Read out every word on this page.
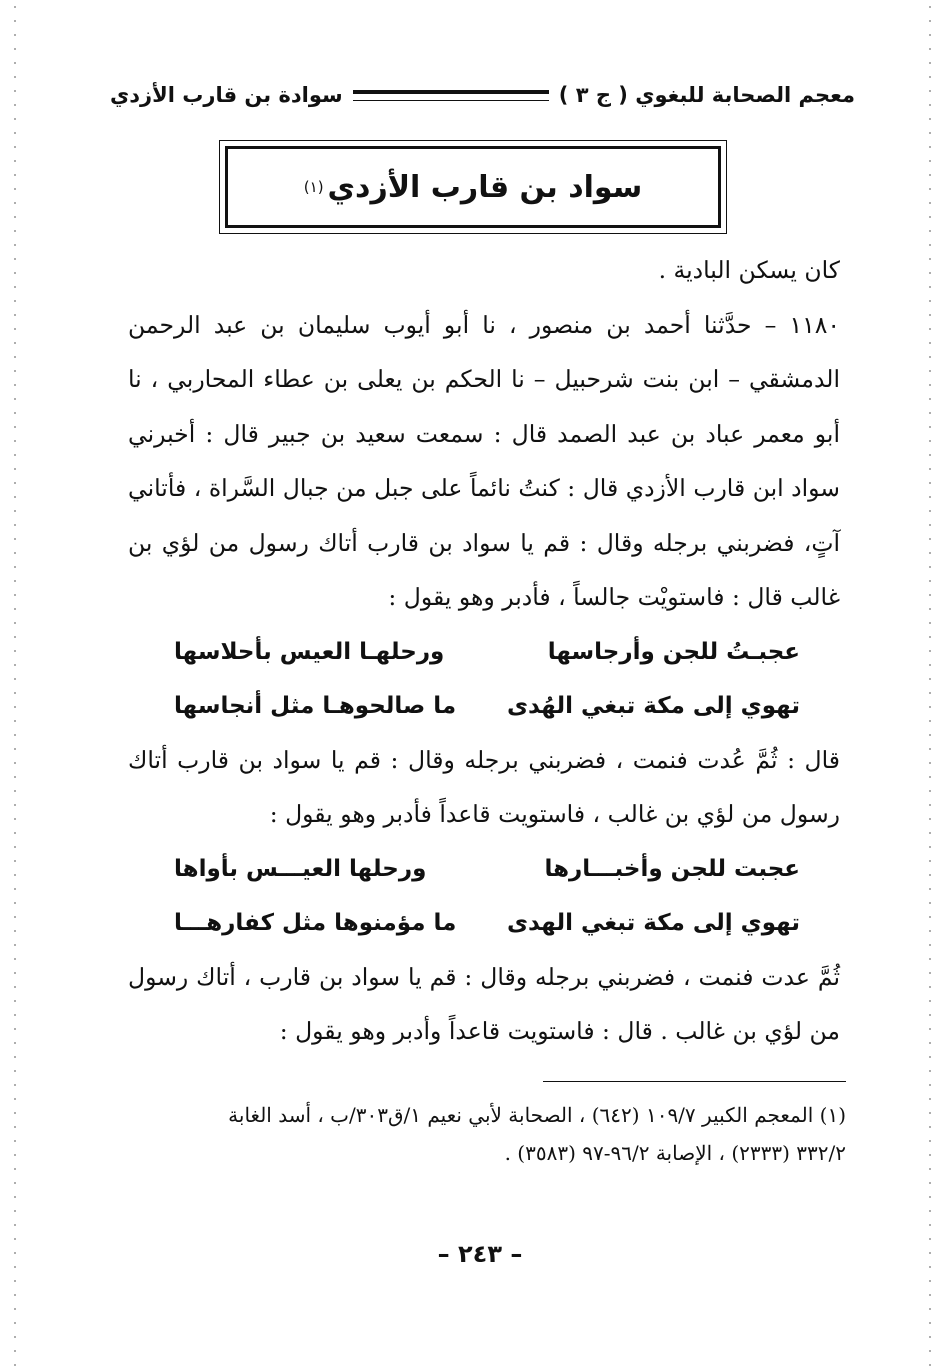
معجم الصحابة للبغوي ( ج ٣ )
سوادة بن قارب الأزدي
سواد بن قارب الأزدي
(١)

كان يسكن البادية .

١١٨٠ – حدَّثنا أحمد بن منصور ، نا أبو أيوب سليمان بن عبد الرحمن الدمشقي – ابن بنت شرحبيل – نا الحكم بن يعلى بن عطاء المحاربي ، نا أبو معمر عباد بن عبد الصمد قال : سمعت سعيد بن جبير قال : أخبرني سواد ابن قارب الأزدي قال : كنتُ نائماً على جبل من جبال السَّراة ، فأتاني آتٍ، فضربني برجله وقال : قم يا سواد بن قارب أتاك رسول من لؤي بن غالب قال : فاستويْت جالساً ، فأدبر وهو يقول :

عجبـتُ للجن وأرجاسها
ورحلهـا العيس بأحلاسها
تهوي إلى مكة تبغي الهُدى
ما صالحوهـا مثل أنجاسها

قال : ثُمَّ عُدت فنمت ، فضربني برجله وقال : قم يا سواد بن قارب أتاك رسول من لؤي بن غالب ، فاستويت قاعداً فأدبر وهو يقول :

عجبت للجن وأخبـــارها
ورحلها العيـــس بأواها
تهوي إلى مكة تبغي الهدى
ما مؤمنوها مثل كفارهـــا

ثُمَّ عدت فنمت ، فضربني برجله وقال : قم يا سواد بن قارب ، أتاك رسول من لؤي بن غالب . قال : فاستويت قاعداً وأدبر وهو يقول :

(١) المعجم الكبير ١٠٩/٧ (٦٤٢) ، الصحابة لأبي نعيم ١/ق٣٠٣/ب ، أسد الغابة

٣٣٢/٢ (٢٣٣٣) ، الإصابة ٩٦/٢-٩٧ (٣٥٨٣) .

– ٢٤٣ –
